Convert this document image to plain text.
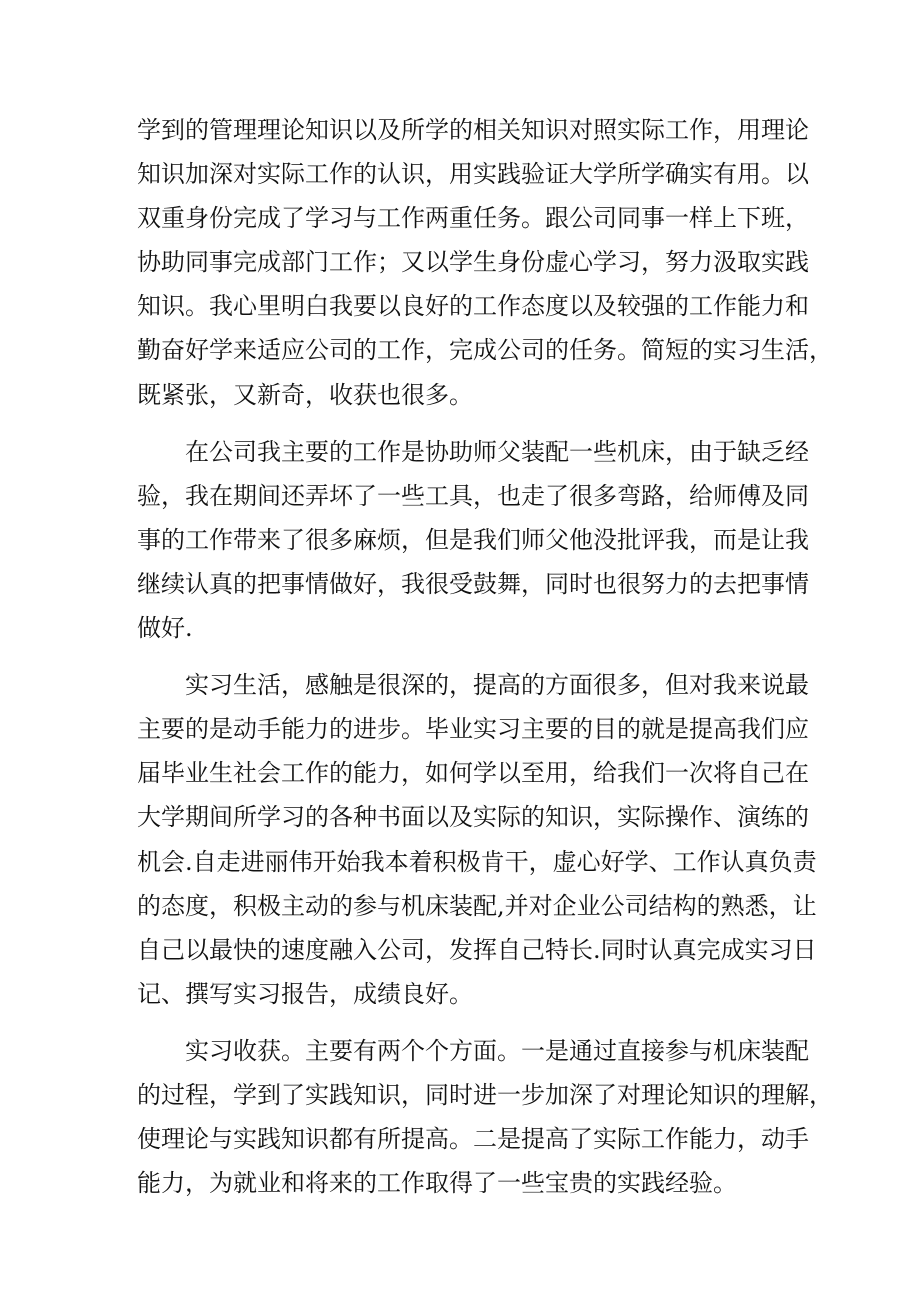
学到的管理理论知识以及所学的相关知识对照实际工作，用理论
知识加深对实际工作的认识，用实践验证大学所学确实有用。以
双重身份完成了学习与工作两重任务。跟公司同事一样上下班，
协助同事完成部门工作；又以学生身份虚心学习，努力汲取实践
知识。我心里明白我要以良好的工作态度以及较强的工作能力和
勤奋好学来适应公司的工作，完成公司的任务。简短的实习生活，
既紧张，又新奇，收获也很多。
在公司我主要的工作是协助师父装配一些机床，由于缺乏经
验，我在期间还弄坏了一些工具，也走了很多弯路，给师傅及同
事的工作带来了很多麻烦，但是我们师父他没批评我，而是让我
继续认真的把事情做好，我很受鼓舞，同时也很努力的去把事情
做好.
实习生活，感触是很深的，提高的方面很多，但对我来说最
主要的是动手能力的进步。毕业实习主要的目的就是提高我们应
届毕业生社会工作的能力，如何学以至用，给我们一次将自己在
大学期间所学习的各种书面以及实际的知识，实际操作、演练的
机会.自走进丽伟开始我本着积极肯干，虚心好学、工作认真负责
的态度，积极主动的参与机床装配,并对企业公司结构的熟悉，让
自己以最快的速度融入公司，发挥自己特长.同时认真完成实习日
记、撰写实习报告，成绩良好。
实习收获。主要有两个个方面。一是通过直接参与机床装配
的过程，学到了实践知识，同时进一步加深了对理论知识的理解，
使理论与实践知识都有所提高。二是提高了实际工作能力，动手
能力，为就业和将来的工作取得了一些宝贵的实践经验。
